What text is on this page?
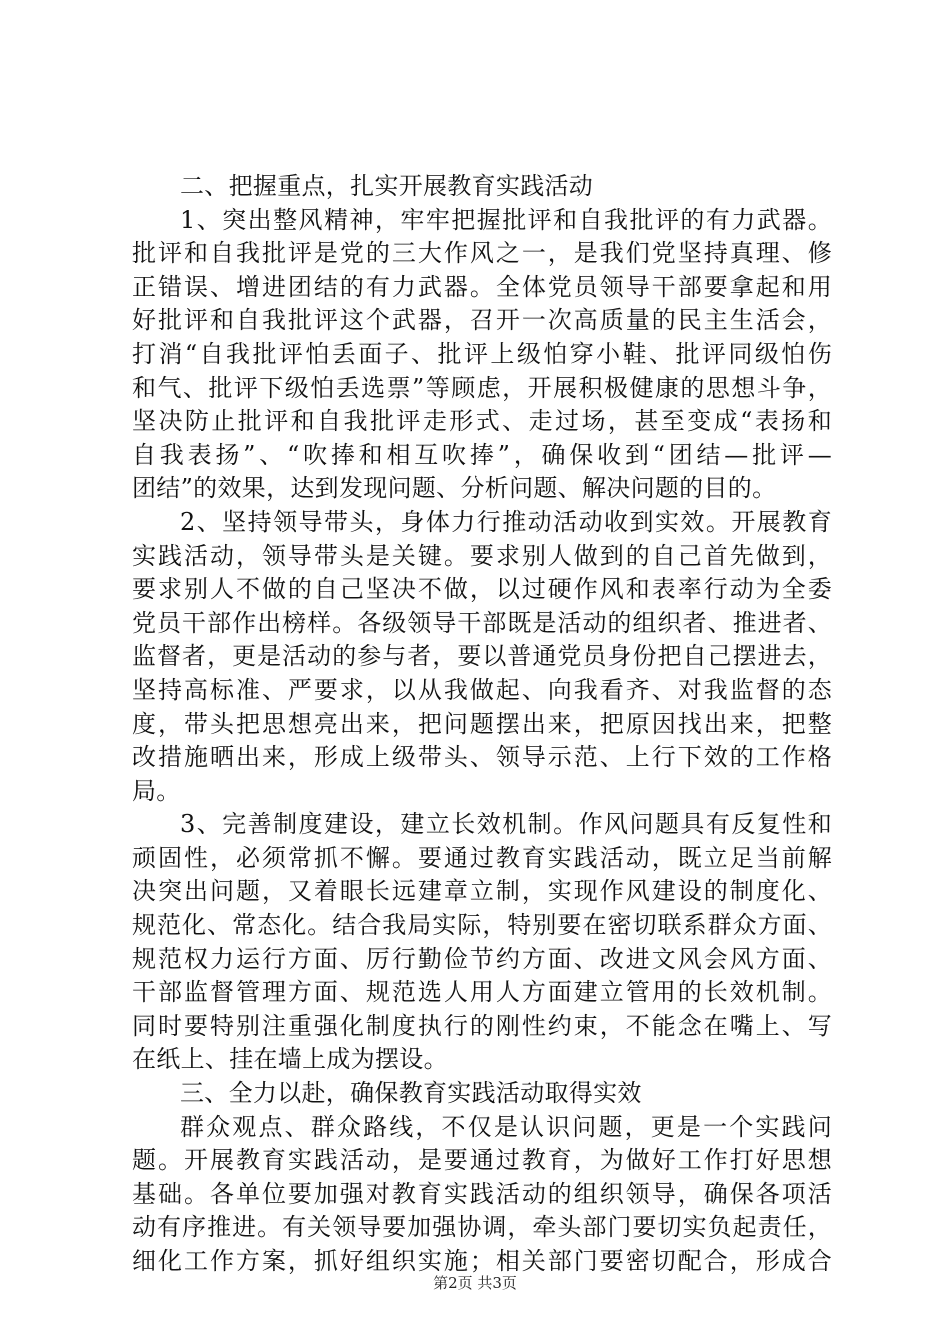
二、把握重点，扎实开展教育实践活动
1、突出整风精神，牢牢把握批评和自我批评的有力武器。
批评和自我批评是党的三大作风之一，是我们党坚持真理、修
正错误、增进团结的有力武器。全体党员领导干部要拿起和用
好批评和自我批评这个武器，召开一次高质量的民主生活会，
打消“自我批评怕丢面子、批评上级怕穿小鞋、批评同级怕伤
和气、批评下级怕丢选票”等顾虑，开展积极健康的思想斗争，
坚决防止批评和自我批评走形式、走过场，甚至变成“表扬和
自我表扬”、“吹捧和相互吹捧”，确保收到“团结—批评—
团结”的效果，达到发现问题、分析问题、解决问题的目的。
2、坚持领导带头，身体力行推动活动收到实效。开展教育
实践活动，领导带头是关键。要求别人做到的自己首先做到，
要求别人不做的自己坚决不做，以过硬作风和表率行动为全委
党员干部作出榜样。各级领导干部既是活动的组织者、推进者、
监督者，更是活动的参与者，要以普通党员身份把自己摆进去，
坚持高标准、严要求，以从我做起、向我看齐、对我监督的态
度，带头把思想亮出来，把问题摆出来，把原因找出来，把整
改措施晒出来，形成上级带头、领导示范、上行下效的工作格
局。
3、完善制度建设，建立长效机制。作风问题具有反复性和
顽固性，必须常抓不懈。要通过教育实践活动，既立足当前解
决突出问题，又着眼长远建章立制，实现作风建设的制度化、
规范化、常态化。结合我局实际，特别要在密切联系群众方面、
规范权力运行方面、厉行勤俭节约方面、改进文风会风方面、
干部监督管理方面、规范选人用人方面建立管用的长效机制。
同时要特别注重强化制度执行的刚性约束，不能念在嘴上、写
在纸上、挂在墙上成为摆设。
三、全力以赴，确保教育实践活动取得实效
群众观点、群众路线，不仅是认识问题，更是一个实践问
题。开展教育实践活动，是要通过教育，为做好工作打好思想
基础。各单位要加强对教育实践活动的组织领导，确保各项活
动有序推进。有关领导要加强协调，牵头部门要切实负起责任，
细化工作方案，抓好组织实施；相关部门要密切配合，形成合
第2页 共3页
